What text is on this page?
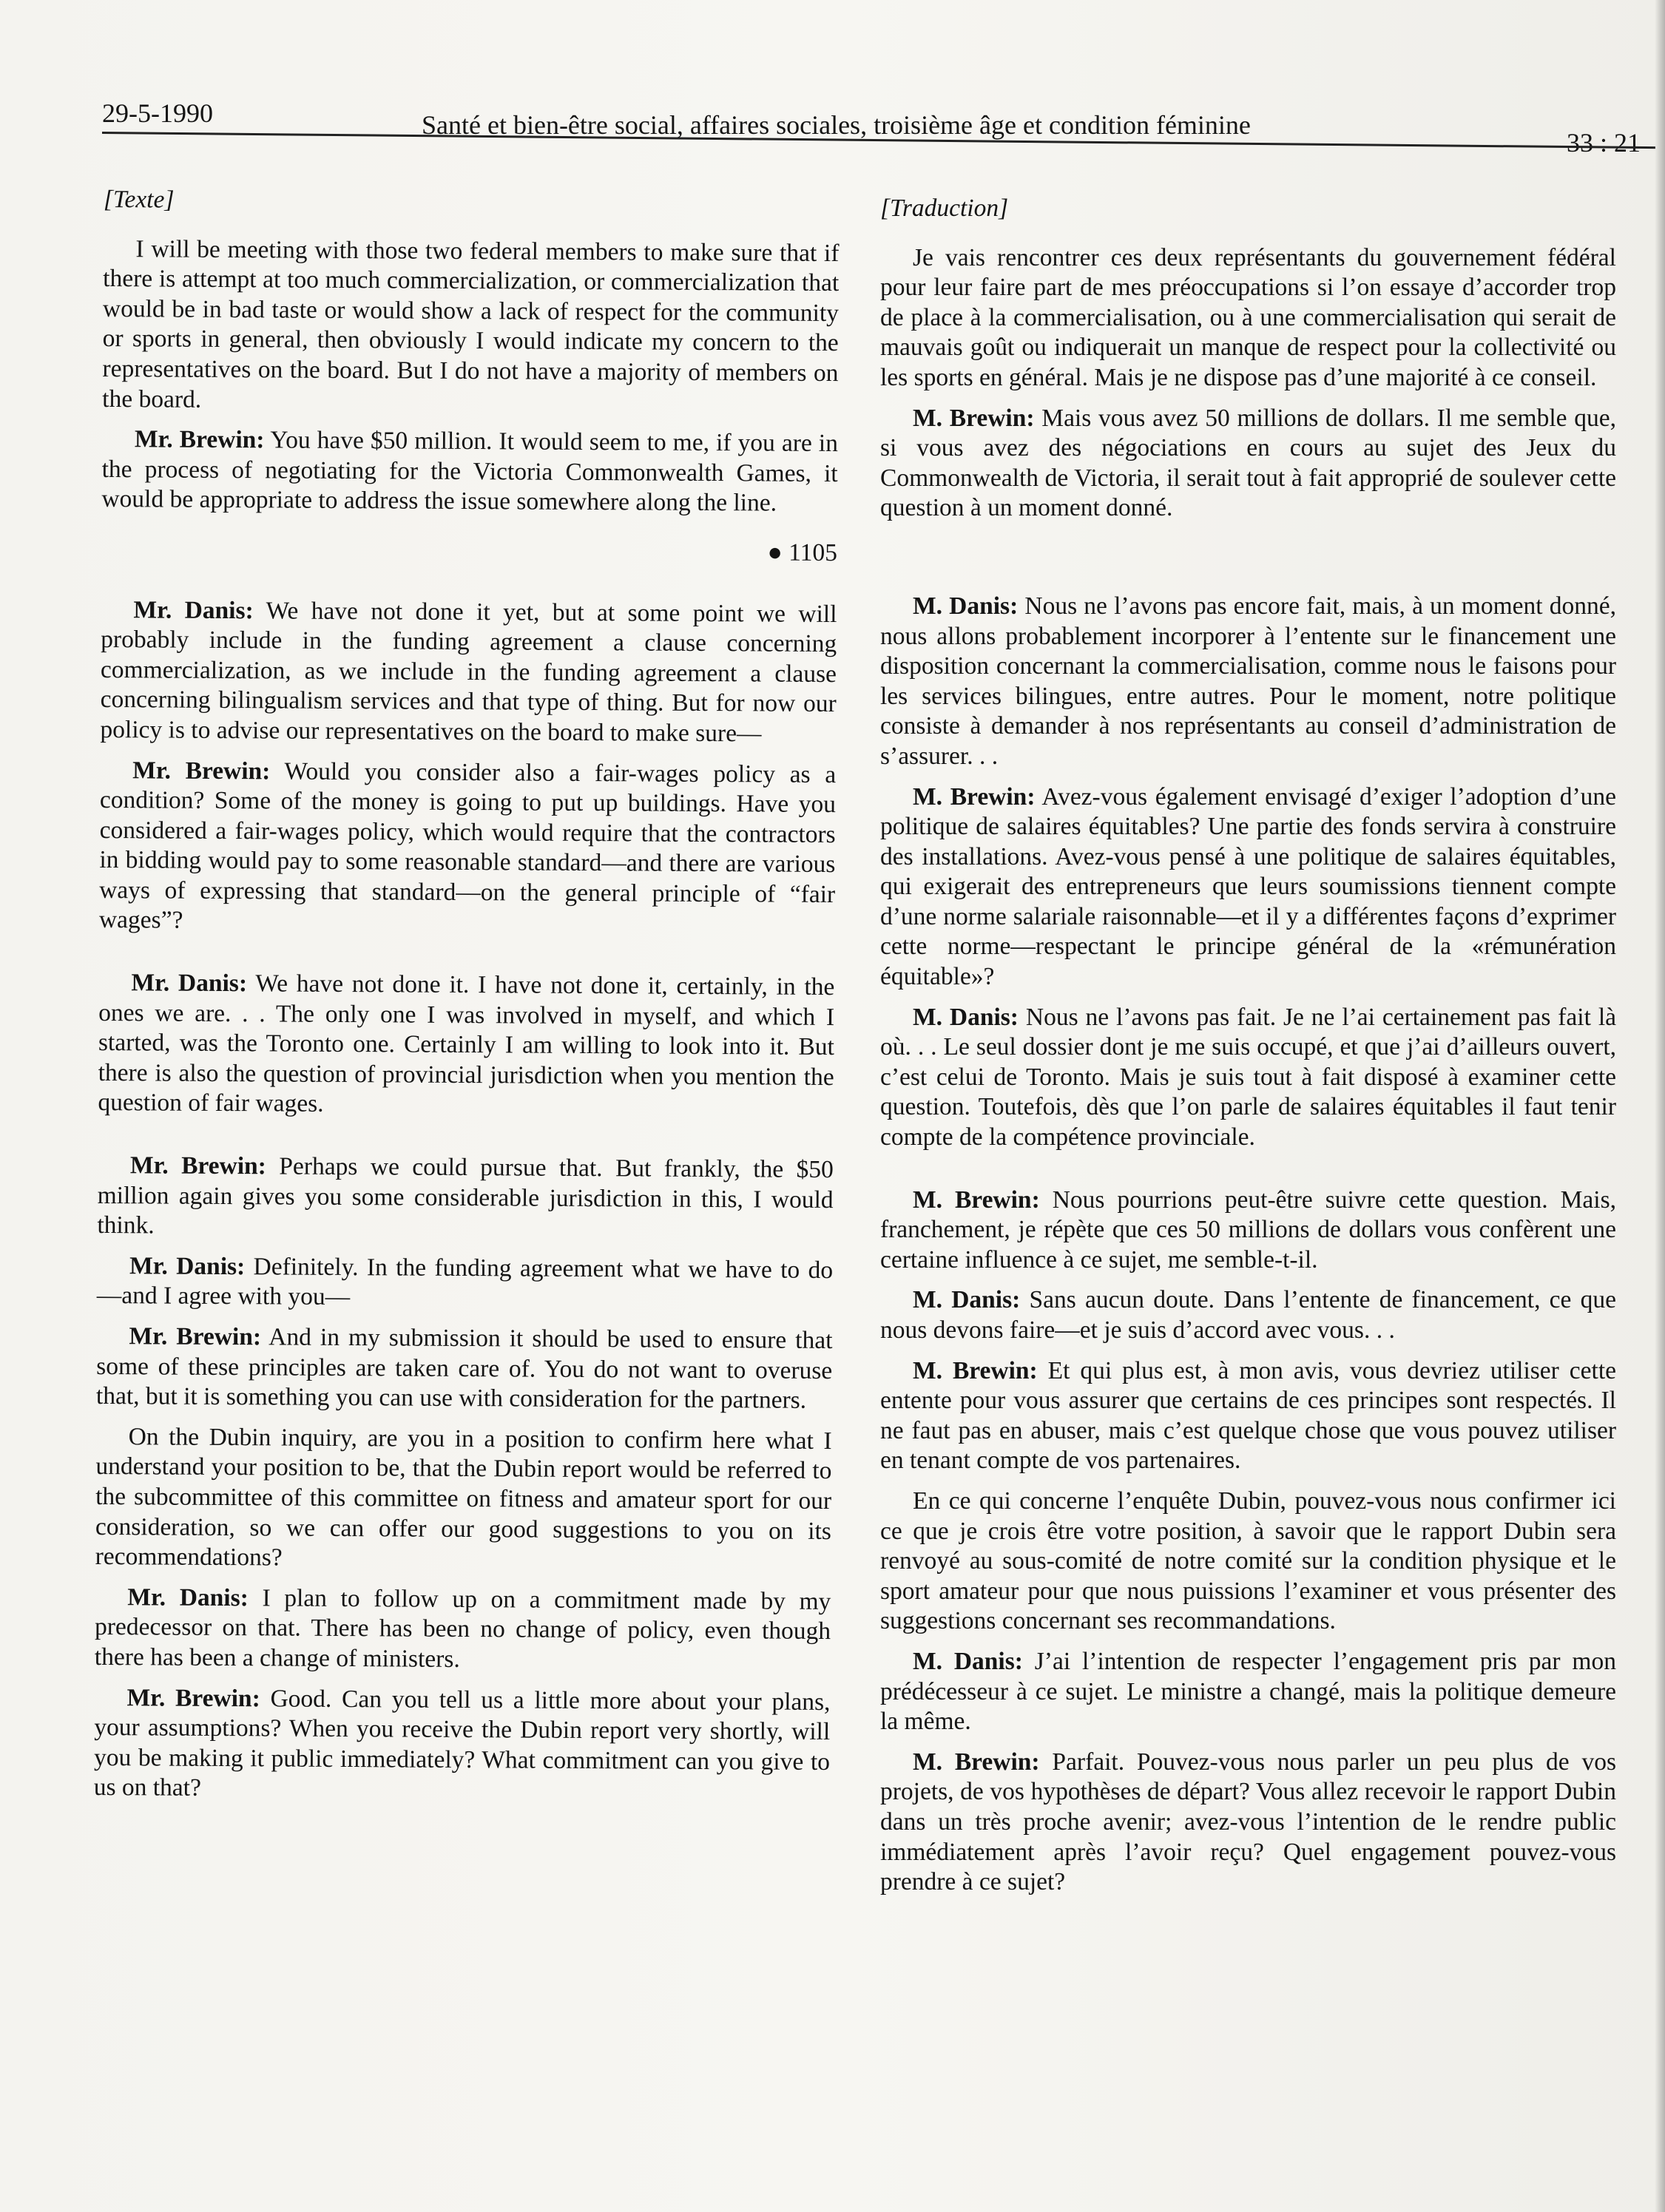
29-5-1990	Santé et bien-être social, affaires sociales, troisième âge et condition féminine
33 : 21

[Texte]

I will be meeting with those two federal members to make sure that if there is attempt at too much commercialization, or commercialization that would be in bad taste or would show a lack of respect for the community or sports in general, then obviously I would indicate my concern to the representatives on the board. But I do not have a majority of members on the board.

Mr. Brewin: You have $50 million. It would seem to me, if you are in the process of negotiating for the Victoria Commonwealth Games, it would be appropriate to address the issue somewhere along the line.

● 1105

Mr. Danis: We have not done it yet, but at some point we will probably include in the funding agreement a clause concerning commercialization, as we include in the funding agreement a clause concerning bilingualism services and that type of thing. But for now our policy is to advise our representatives on the board to make sure—

Mr. Brewin: Would you consider also a fair-wages policy as a condition? Some of the money is going to put up buildings. Have you considered a fair-wages policy, which would require that the contractors in bidding would pay to some reasonable standard—and there are various ways of expressing that standard—on the general principle of “fair wages”?

Mr. Danis: We have not done it. I have not done it, certainly, in the ones we are. . . The only one I was involved in myself, and which I started, was the Toronto one. Certainly I am willing to look into it. But there is also the question of provincial jurisdiction when you mention the question of fair wages.

Mr. Brewin: Perhaps we could pursue that. But frankly, the $50 million again gives you some considerable jurisdiction in this, I would think.

Mr. Danis: Definitely. In the funding agreement what we have to do—and I agree with you—

Mr. Brewin: And in my submission it should be used to ensure that some of these principles are taken care of. You do not want to overuse that, but it is something you can use with consideration for the partners.

On the Dubin inquiry, are you in a position to confirm here what I understand your position to be, that the Dubin report would be referred to the subcommittee of this committee on fitness and amateur sport for our consideration, so we can offer our good suggestions to you on its recommendations?

Mr. Danis: I plan to follow up on a commitment made by my predecessor on that. There has been no change of policy, even though there has been a change of ministers.

Mr. Brewin: Good. Can you tell us a little more about your plans, your assumptions? When you receive the Dubin report very shortly, will you be making it public immediately? What commitment can you give to us on that?

[Traduction]

Je vais rencontrer ces deux représentants du gouvernement fédéral pour leur faire part de mes préoccupations si l’on essaye d’accorder trop de place à la commercialisation, ou à une commercialisation qui serait de mauvais goût ou indiquerait un manque de respect pour la collectivité ou les sports en général. Mais je ne dispose pas d’une majorité à ce conseil.

M. Brewin: Mais vous avez 50 millions de dollars. Il me semble que, si vous avez des négociations en cours au sujet des Jeux du Commonwealth de Victoria, il serait tout à fait approprié de soulever cette question à un moment donné.

M. Danis: Nous ne l’avons pas encore fait, mais, à un moment donné, nous allons probablement incorporer à l’entente sur le financement une disposition concernant la commercialisation, comme nous le faisons pour les services bilingues, entre autres. Pour le moment, notre politique consiste à demander à nos représentants au conseil d’administration de s’assurer. . .

M. Brewin: Avez-vous également envisagé d’exiger l’adoption d’une politique de salaires équitables? Une partie des fonds servira à construire des installations. Avez-vous pensé à une politique de salaires équitables, qui exigerait des entrepreneurs que leurs soumissions tiennent compte d’une norme salariale raisonnable—et il y a différentes façons d’exprimer cette norme—respectant le principe général de la «rémunération équitable»?

M. Danis: Nous ne l’avons pas fait. Je ne l’ai certainement pas fait là où. . . Le seul dossier dont je me suis occupé, et que j’ai d’ailleurs ouvert, c’est celui de Toronto. Mais je suis tout à fait disposé à examiner cette question. Toutefois, dès que l’on parle de salaires équitables il faut tenir compte de la compétence provinciale.

M. Brewin: Nous pourrions peut-être suivre cette question. Mais, franchement, je répète que ces 50 millions de dollars vous confèrent une certaine influence à ce sujet, me semble-t-il.

M. Danis: Sans aucun doute. Dans l’entente de financement, ce que nous devons faire—et je suis d’accord avec vous. . .

M. Brewin: Et qui plus est, à mon avis, vous devriez utiliser cette entente pour vous assurer que certains de ces principes sont respectés. Il ne faut pas en abuser, mais c’est quelque chose que vous pouvez utiliser en tenant compte de vos partenaires.

En ce qui concerne l’enquête Dubin, pouvez-vous nous confirmer ici ce que je crois être votre position, à savoir que le rapport Dubin sera renvoyé au sous-comité de notre comité sur la condition physique et le sport amateur pour que nous puissions l’examiner et vous présenter des suggestions concernant ses recommandations.

M. Danis: J’ai l’intention de respecter l’engagement pris par mon prédécesseur à ce sujet. Le ministre a changé, mais la politique demeure la même.

M. Brewin: Parfait. Pouvez-vous nous parler un peu plus de vos projets, de vos hypothèses de départ? Vous allez recevoir le rapport Dubin dans un très proche avenir; avez-vous l’intention de le rendre public immédiatement après l’avoir reçu? Quel engagement pouvez-vous prendre à ce sujet?
